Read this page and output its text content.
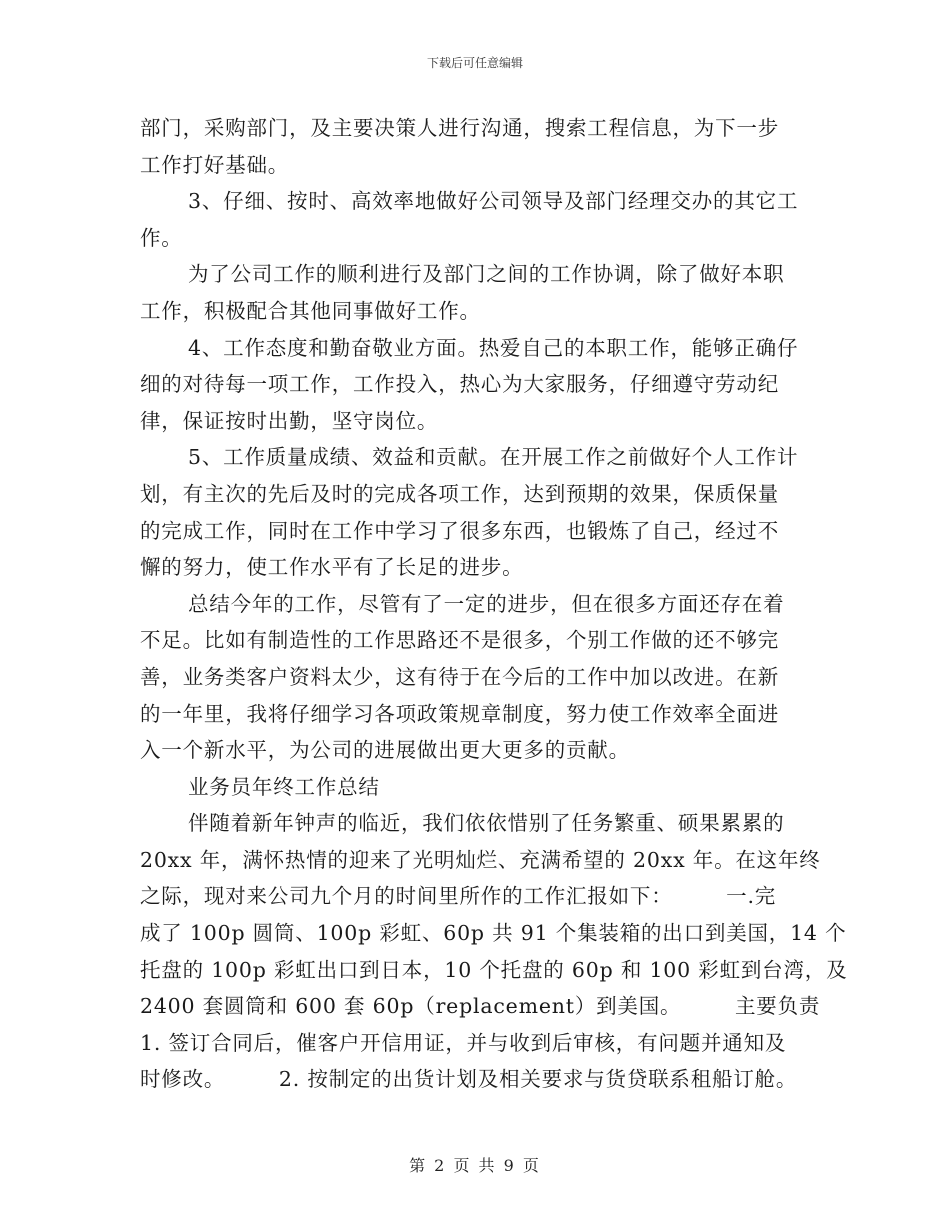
下载后可任意编辑
部门，采购部门，及主要决策人进行沟通，搜索工程信息，为下一步
工作打好基础。
3、仔细、按时、高效率地做好公司领导及部门经理交办的其它工
作。
为了公司工作的顺利进行及部门之间的工作协调，除了做好本职
工作，积极配合其他同事做好工作。
4、工作态度和勤奋敬业方面。热爱自己的本职工作，能够正确仔
细的对待每一项工作，工作投入，热心为大家服务，仔细遵守劳动纪
律，保证按时出勤，坚守岗位。
5、工作质量成绩、效益和贡献。在开展工作之前做好个人工作计
划，有主次的先后及时的完成各项工作，达到预期的效果，保质保量
的完成工作，同时在工作中学习了很多东西，也锻炼了自己，经过不
懈的努力，使工作水平有了长足的进步。
总结今年的工作，尽管有了一定的进步，但在很多方面还存在着
不足。比如有制造性的工作思路还不是很多，个别工作做的还不够完
善，业务类客户资料太少，这有待于在今后的工作中加以改进。在新
的一年里，我将仔细学习各项政策规章制度，努力使工作效率全面进
入一个新水平，为公司的进展做出更大更多的贡献。
业务员年终工作总结
伴随着新年钟声的临近，我们依依惜别了任务繁重、硕果累累的
20xx 年，满怀热情的迎来了光明灿烂、充满希望的 20xx 年。在这年终
之际，现对来公司九个月的时间里所作的工作汇报如下：　　　一.完
成了 100p 圆筒、100p 彩虹、60p 共 91 个集装箱的出口到美国，14 个
托盘的 100p 彩虹出口到日本，10 个托盘的 60p 和 100 彩虹到台湾，及
2400 套圆筒和 600 套 60p（replacement）到美国。　　　主要负责
1. 签订合同后，催客户开信用证，并与收到后审核，有问题并通知及
时修改。　　　2. 按制定的出货计划及相关要求与货贷联系租船订舱。
第 2 页 共 9 页
